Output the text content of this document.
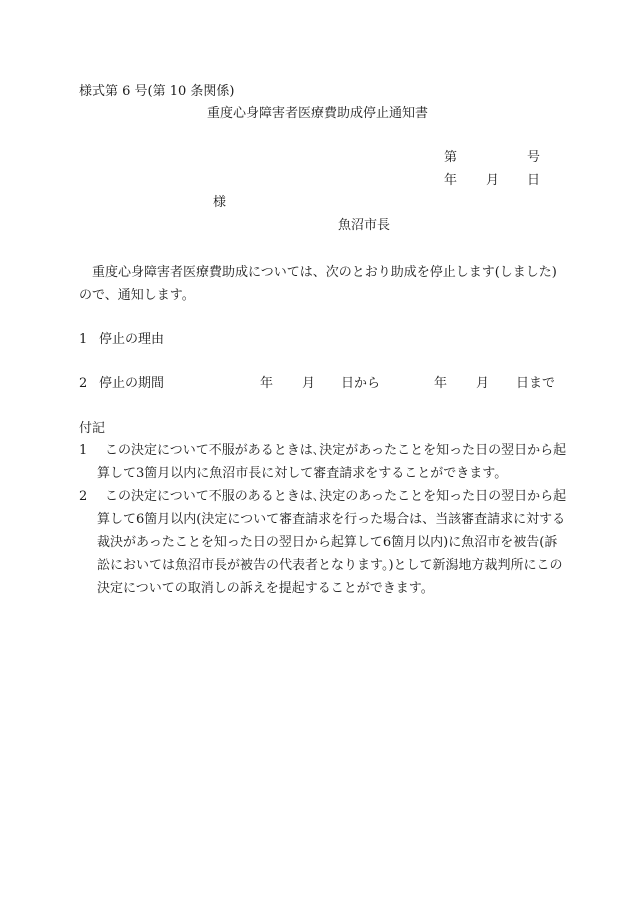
様式第 6 号(第 10 条関係)
重度心身障害者医療費助成停止通知書
第	号
年 月 日
様
魚沼市長
　重度心身障害者医療費助成については、次のとおり助成を停止します(しました)ので、通知します。
1 停止の理由
2 停止の期間	年 月 日から	年 月 日まで
付記
1	この決定について不服があるときは､決定があったことを知った日の翌日から起算して3箇月以内に魚沼市長に対して審査請求をすることができます。
2	この決定について不服のあるときは､決定のあったことを知った日の翌日から起算して6箇月以内(決定について審査請求を行った場合は、当該審査請求に対する裁決があったことを知った日の翌日から起算して6箇月以内)に魚沼市を被告(訴訟においては魚沼市長が被告の代表者となります。)として新潟地方裁判所にこの決定についての取消しの訴えを提起することができます。
